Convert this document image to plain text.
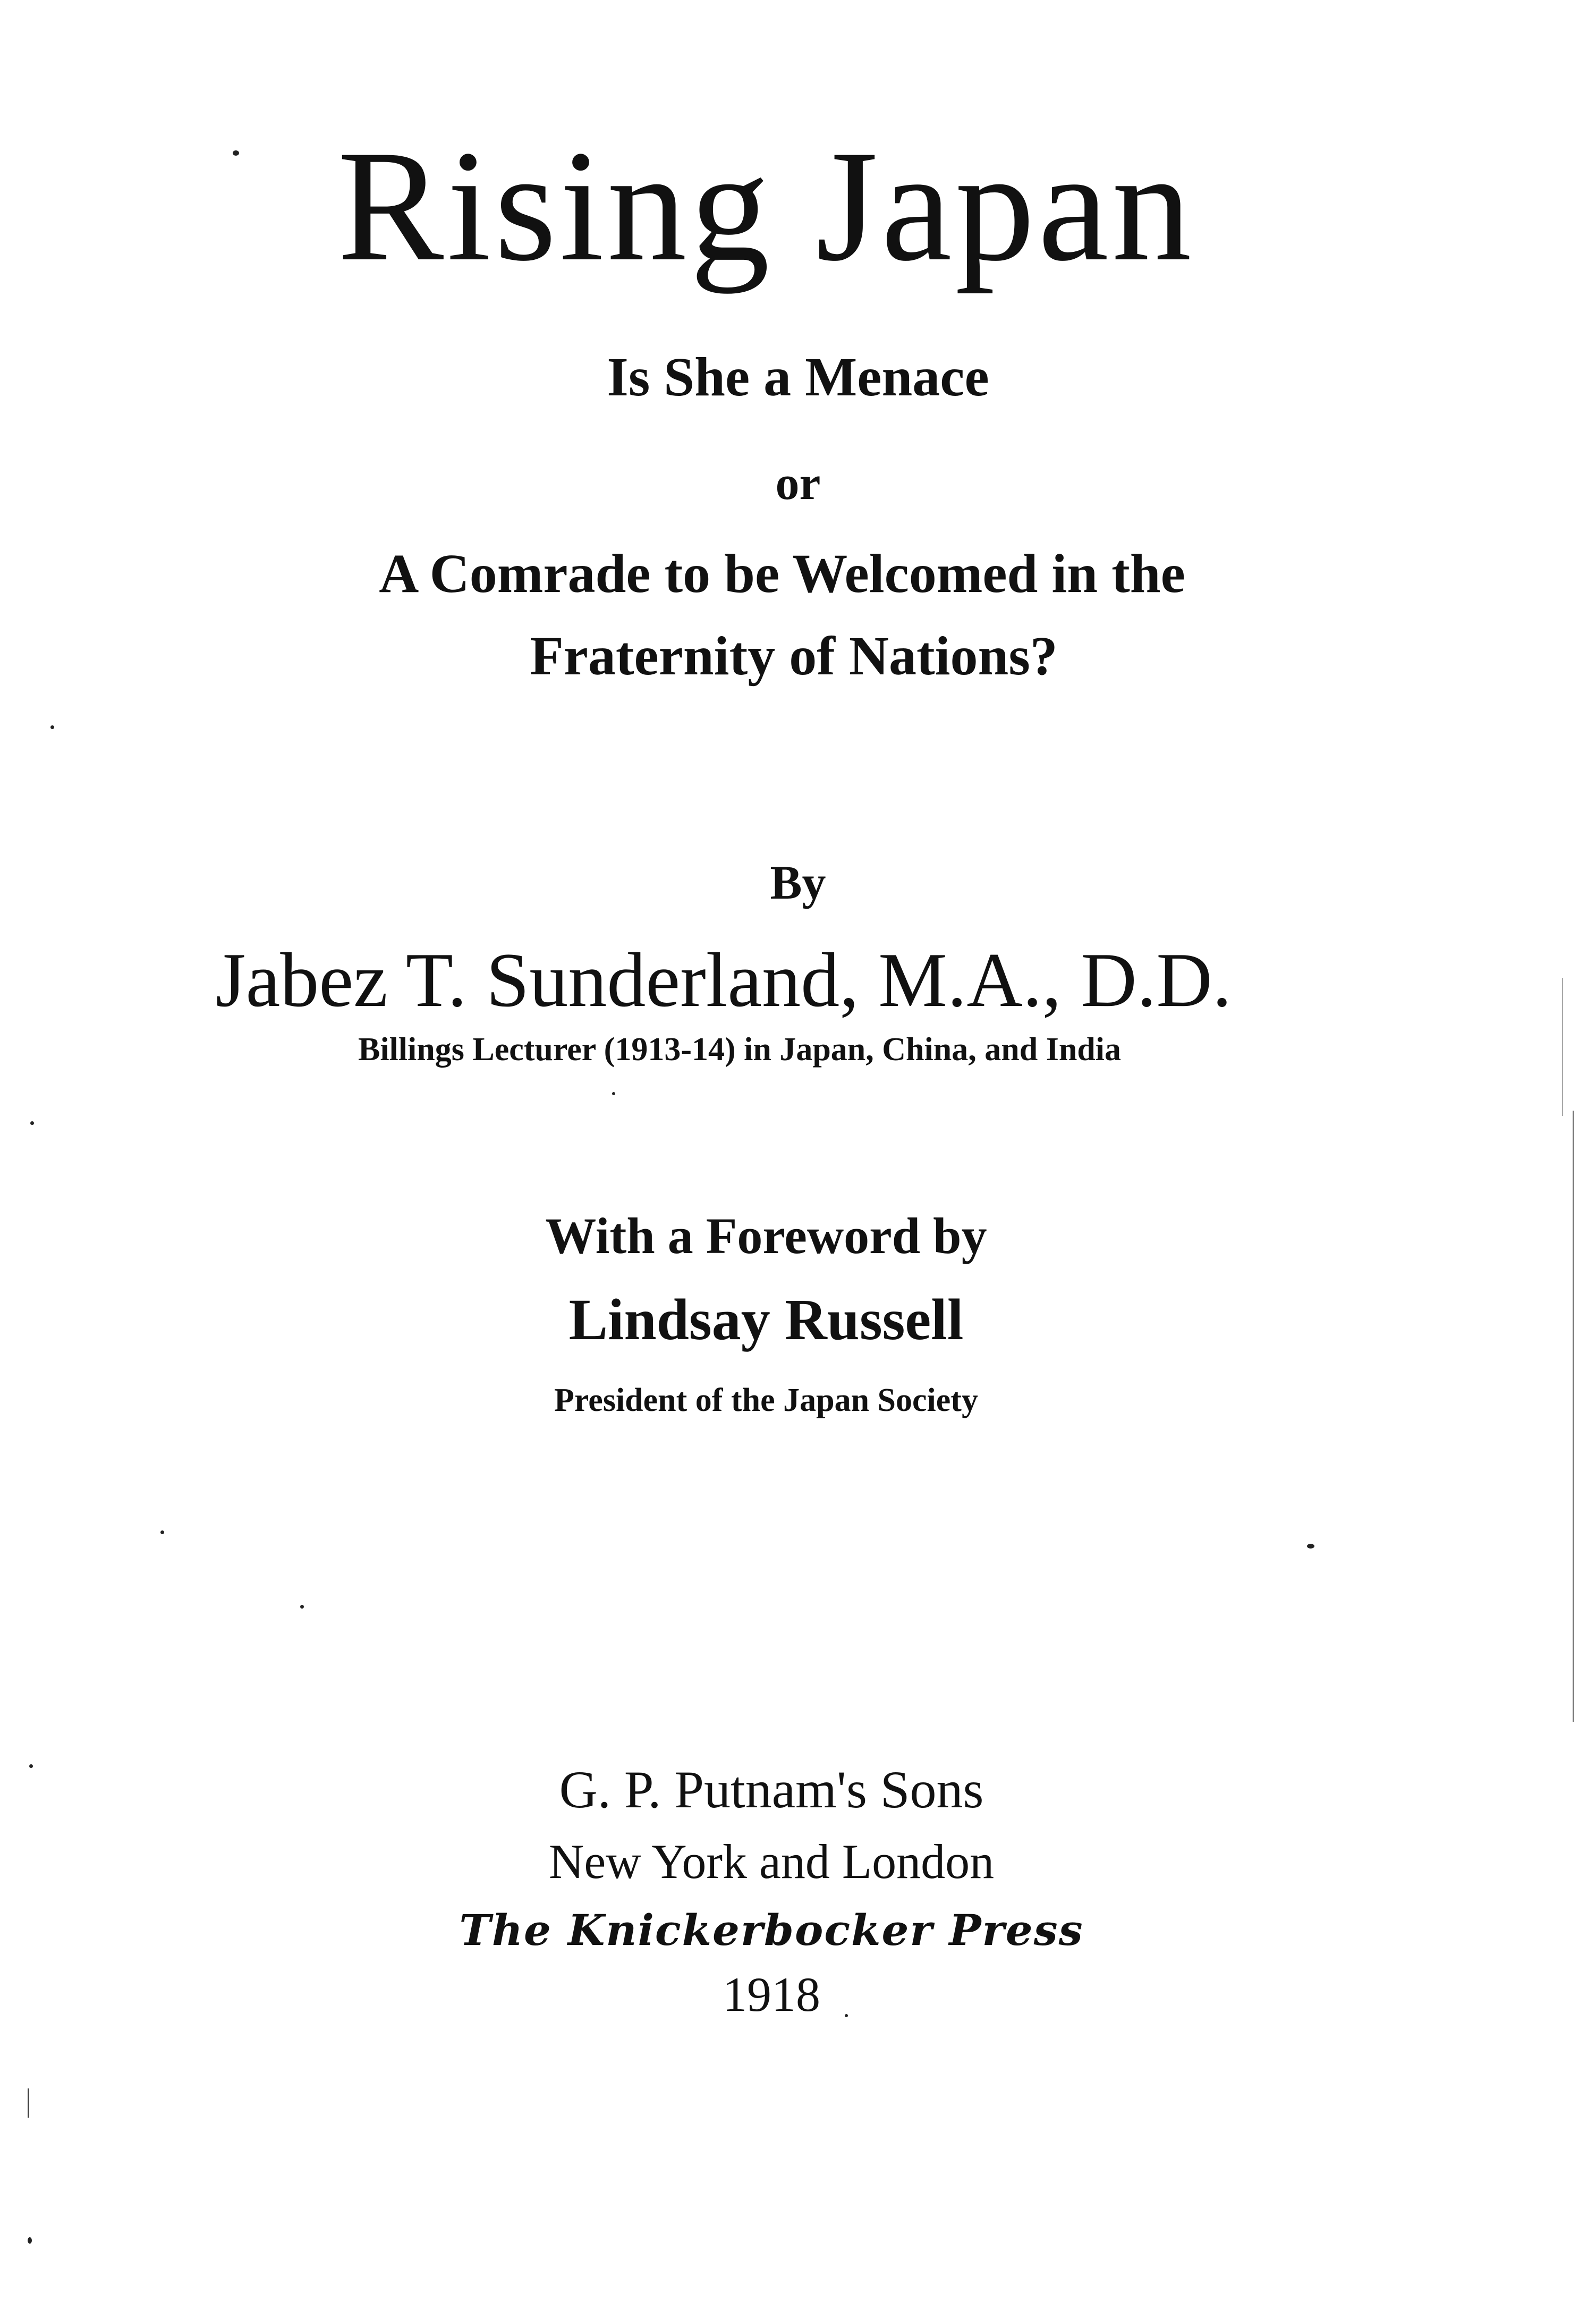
Rising Japan
Is She a Menace
or
A Comrade to be Welcomed in the
Fraternity of Nations?
By
Jabez T. Sunderland, M.A., D.D.
Billings Lecturer (1913-14) in Japan, China, and India
With a Foreword by
Lindsay Russell
President of the Japan Society
G. P. Putnam's Sons
New York and London
The Knickerbocker Press
1918
